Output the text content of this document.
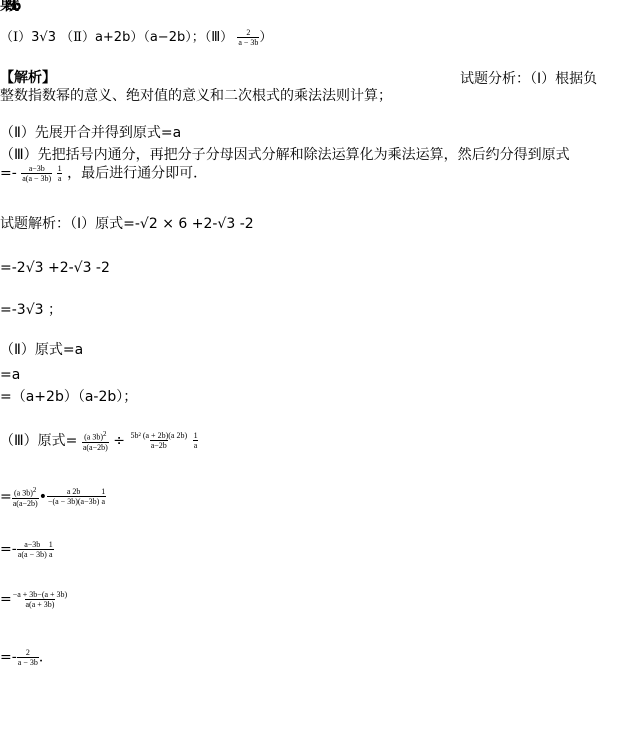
果统b
（Ⅰ）3√3 （Ⅱ）a+2b）（a−2b）；（Ⅲ） $\frac{2}{a - 3b}$ ）
【解析】	试题分析：（Ⅰ）根据负
整数指数幂的意义、绝对值的意义和二次根式的乘法法则计算；
（Ⅱ）先展开合并得到原式=a
（Ⅲ）先把括号内通分，再把分子分母因式分解和除法运算化为乘法运算，然后约分得到原式
=- $\frac{a-3b}{a(a - 3b)}$
$\frac{1}{a}$ ，最后进行通分即可．
试题解析：（Ⅰ）原式=-√2 × 6 +2-√3 -2
=-2√3 +2-√3 -2
=-3√3 ；
（Ⅱ）原式=a
=a
=（a+2b）（a-2b）；
（Ⅲ）原式= $\frac{(a 3b)^2}{a(a-2b)} \div \frac{\text{5b² (a + 2b)(a 2b)}}{a-2b}$
$\frac{1}{a}$
= $\frac{(a 3b)^2}{a(a-2b)}$ • $\frac{a 2b}{-(a - 3b)(a-3b)} \frac{1}{a}$
=- $\frac{a-3b}{a(a - 3b)} \frac{1}{a}$
= $\frac{-a + 3b-(a + 3b)}{a(a + 3b)}$
=- $\frac{2}{a - 3b}$ ．
